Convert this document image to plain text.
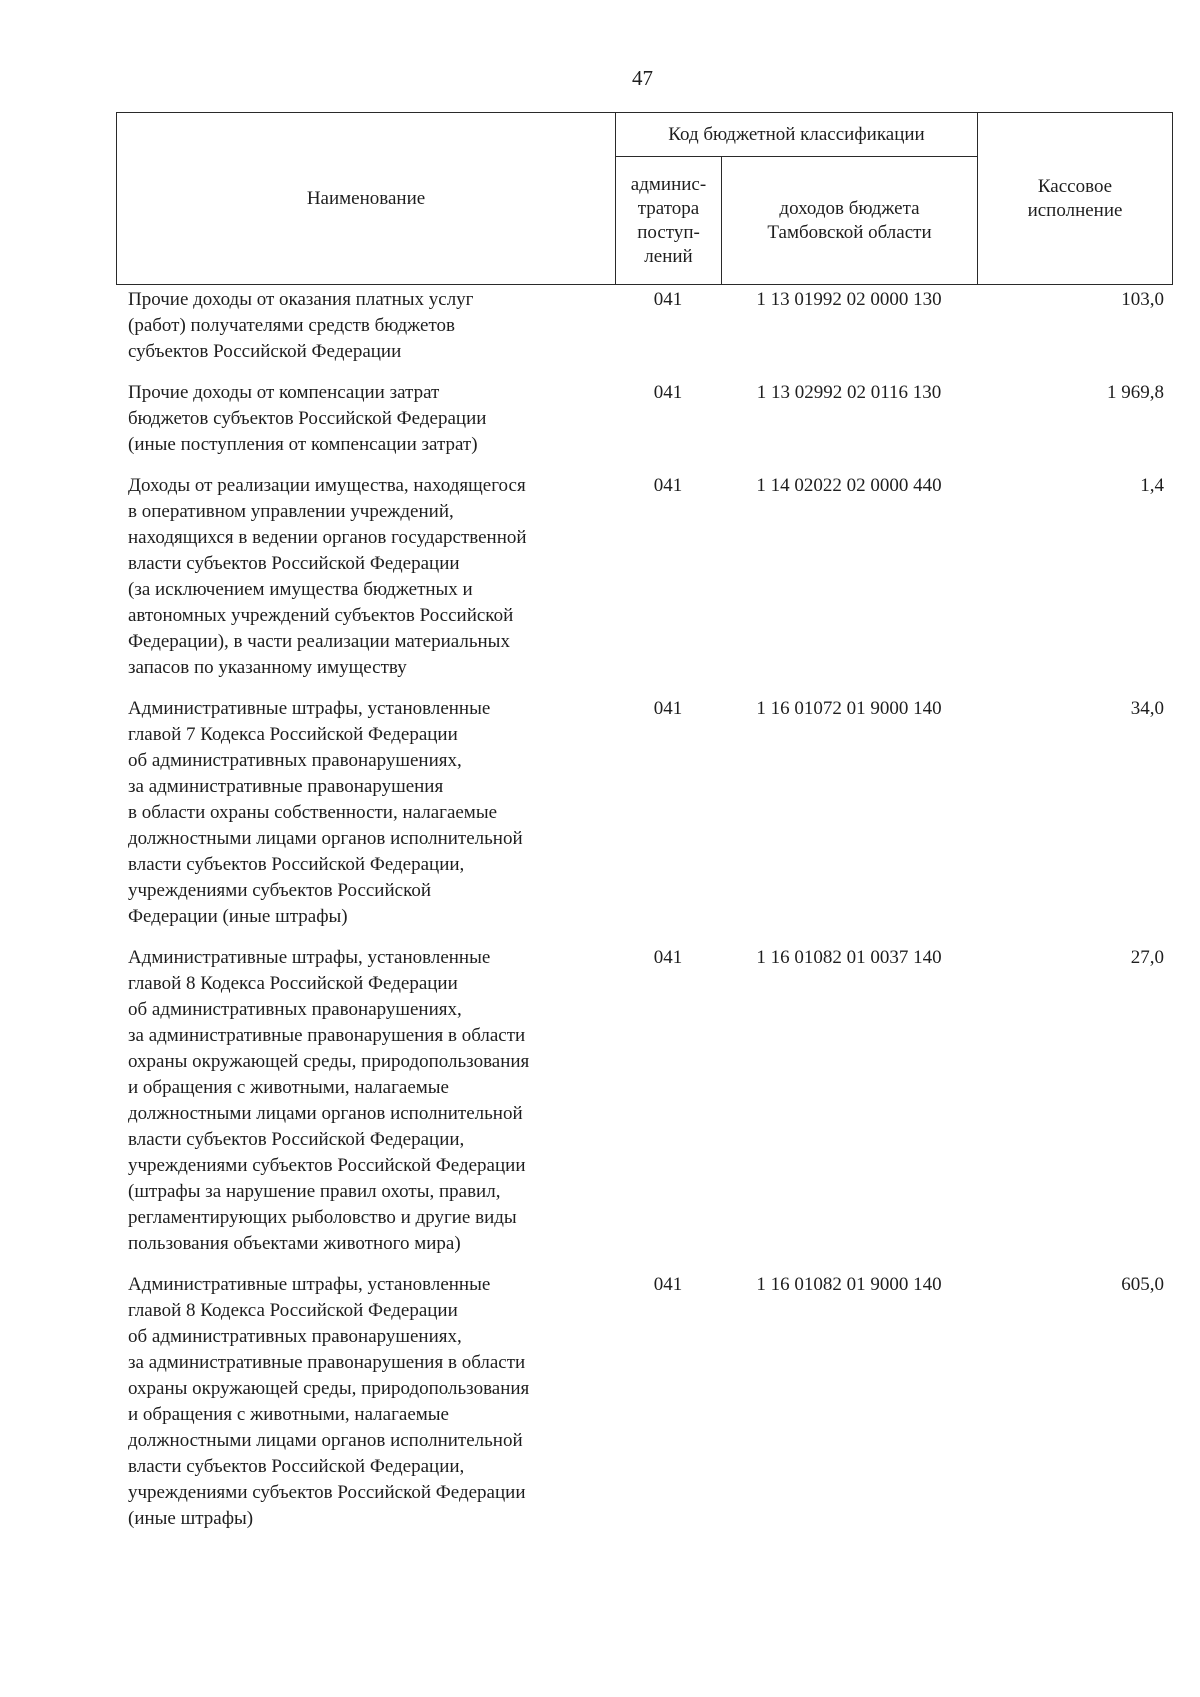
47
Наименование	Код бюджетной классификации		Кассовое
исполнение
	админис-
тратора
поступ-
лений	доходов бюджета
Тамбовской области	
Прочие доходы от оказания платных услуг
(работ) получателями средств бюджетов
субъектов Российской Федерации
041	1 13 01992 02 0000 130	103,0
Прочие доходы от компенсации затрат
бюджетов субъектов Российской Федерации
(иные поступления от компенсации затрат)
041	1 13 02992 02 0116 130	1 969,8
Доходы от реализации имущества, находящегося
в оперативном управлении учреждений,
находящихся в ведении органов государственной
власти субъектов Российской Федерации
(за исключением имущества бюджетных и
автономных учреждений субъектов Российской
Федерации), в части реализации материальных
запасов по указанному имуществу
041	1 14 02022 02 0000 440	1,4
Административные штрафы, установленные
главой 7 Кодекса Российской Федерации
об административных правонарушениях,
за административные правонарушения
в области охраны собственности, налагаемые
должностными лицами органов исполнительной
власти субъектов Российской Федерации,
учреждениями субъектов Российской
Федерации (иные штрафы)
041	1 16 01072 01 9000 140	34,0
Административные штрафы, установленные
главой 8 Кодекса Российской Федерации
об административных правонарушениях,
за административные правонарушения в области
охраны окружающей среды, природопользования
и обращения с животными, налагаемые
должностными лицами органов исполнительной
власти субъектов Российской Федерации,
учреждениями субъектов Российской Федерации
(штрафы за нарушение правил охоты, правил,
регламентирующих рыболовство и другие виды
пользования объектами животного мира)
041	1 16 01082 01 0037 140	27,0
Административные штрафы, установленные
главой 8 Кодекса Российской Федерации
об административных правонарушениях,
за административные правонарушения в области
охраны окружающей среды, природопользования
и обращения с животными, налагаемые
должностными лицами органов исполнительной
власти субъектов Российской Федерации,
учреждениями субъектов Российской Федерации
(иные штрафы)
041	1 16 01082 01 9000 140	605,0
